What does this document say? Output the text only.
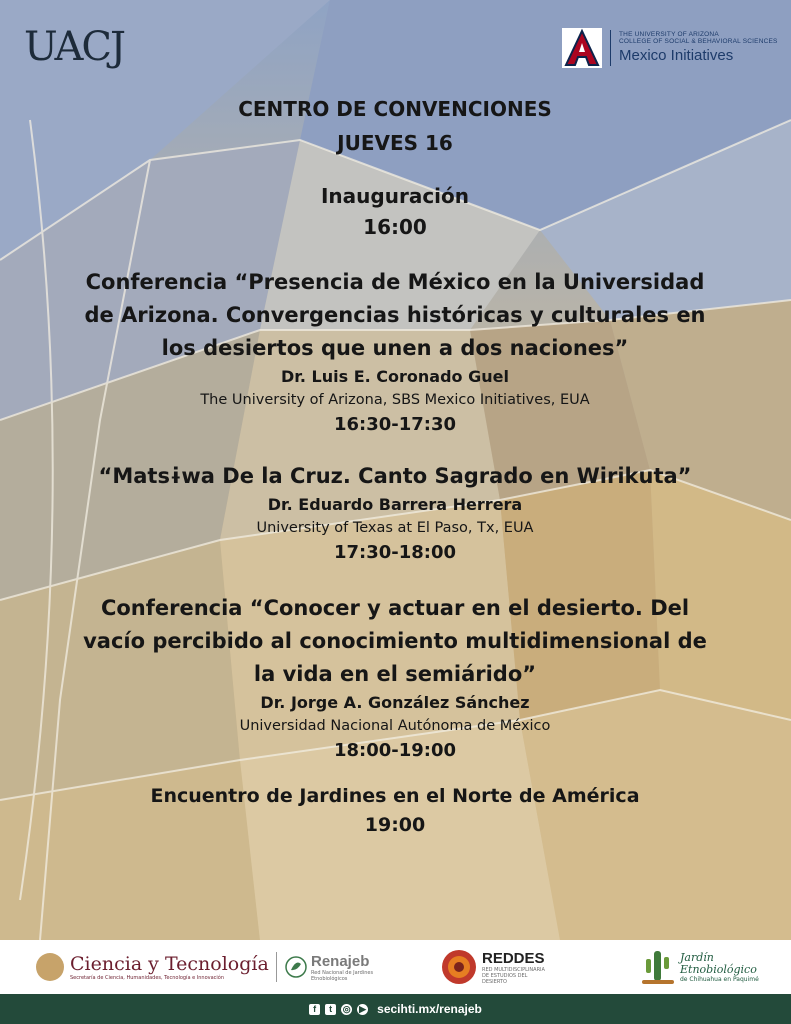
UACJ	THE UNIVERSITY OF ARIZONA
COLLEGE OF SOCIAL & BEHAVIORAL SCIENCES
Mexico Initiatives
CENTRO DE CONVENCIONES
JUEVES 16
Inauguración
16:00
Conferencia “Presencia de México en la Universidad
de Arizona. Convergencias históricas y culturales en
los desiertos que unen a dos naciones”
Dr. Luis E. Coronado Guel
The University of Arizona, SBS Mexico Initiatives, EUA
16:30-17:30
“Matsɨwa De la Cruz. Canto Sagrado en Wirikuta”
Dr. Eduardo Barrera Herrera
University of Texas at El Paso, Tx, EUA
17:30-18:00
Conferencia “Conocer y actuar en el desierto. Del
vacío percibido al conocimiento multidimensional de
la vida en el semiárido”
Dr. Jorge A. González Sánchez
Universidad Nacional Autónoma de México
18:00-19:00
Encuentro de Jardines en el Norte de América
19:00
Ciencia y Tecnología
Secretaría de Ciencia, Humanidades, Tecnología e Innovación
Renajeb
Red Nacional de Jardines
Etnobiológicos
REDDES
RED MULTIDISCIPLINARIA
DE ESTUDIOS DEL
DESIERTO
Jardín
Etnobiológico
de Chihuahua en Paquimé
f	t	◎ ▶ secihti.mx/renajeb
